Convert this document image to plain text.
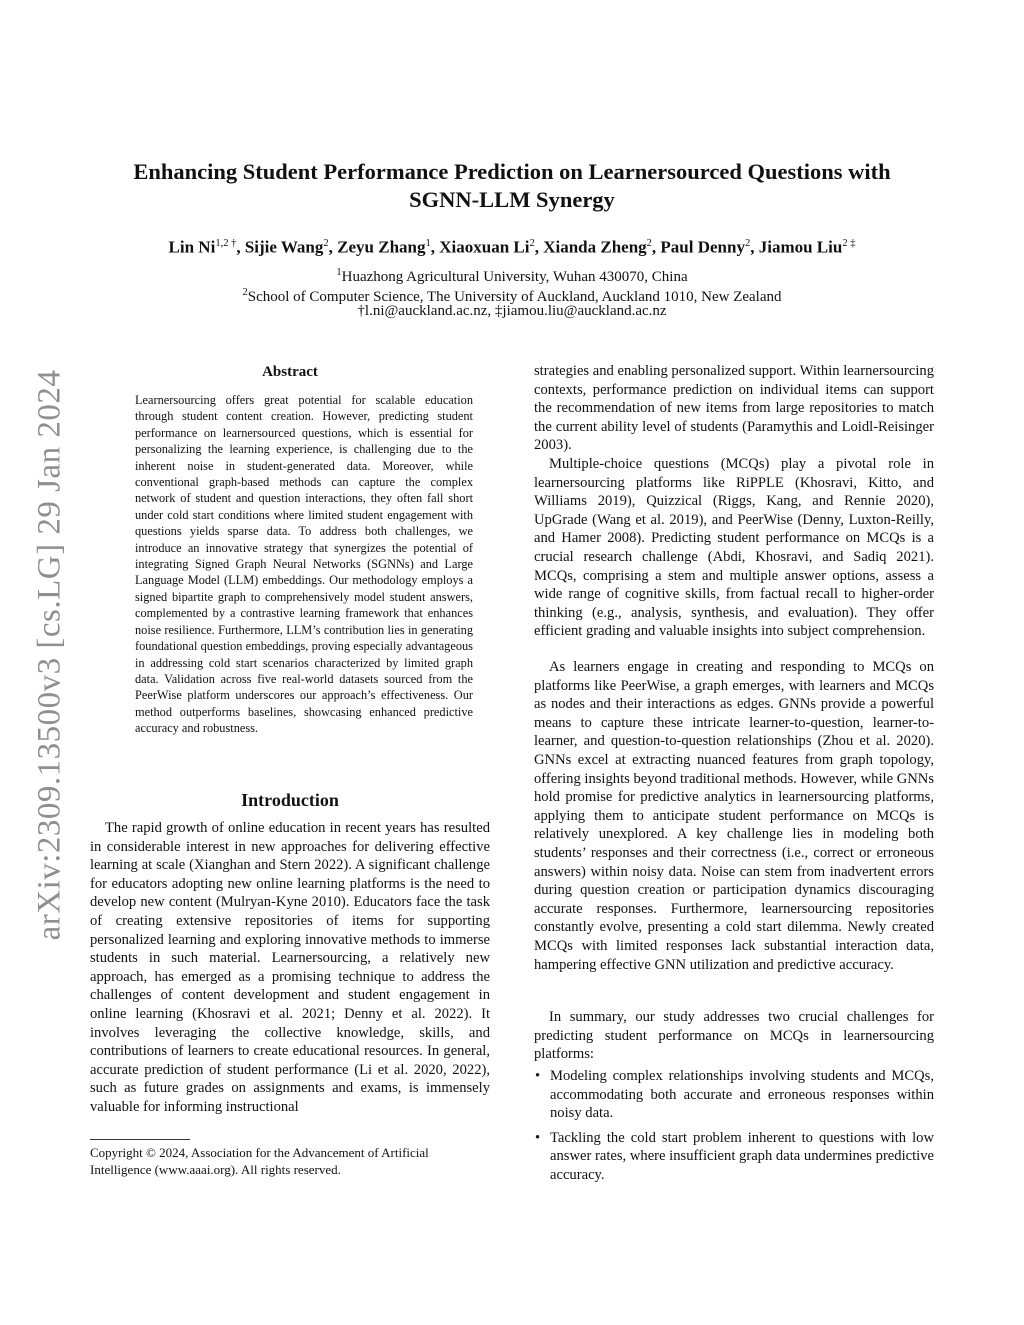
Enhancing Student Performance Prediction on Learnersourced Questions with
SGNN-LLM Synergy
Lin $Ni^{1,2 \dagger}$, Sijie Wang$^2$, Zeyu Zhang$^1$, Xiaoxuan Li$^2$, Xianda Zheng$^2$, Paul Denny$^2$, Jiamou Liu$^{2 \ddagger}$
$^1$Huazhong Agricultural University, Wuhan 430070, China
$^2$School of Computer Science, The University of Auckland, Auckland 1010, New Zealand
†l.ni@auckland.ac.nz, ‡jiamou.liu@auckland.ac.nz
arXiv:2309.13500v3 [cs.LG] 29 Jan 2024	Abstract

Learnersourcing offers great potential for scalable education through student content creation. However, predicting student performance on learnersourced questions, which is essential for personalizing the learning experience, is challenging due to the inherent noise in student-generated data. Moreover, while conventional graph-based methods can capture the complex network of student and question interactions, they often fall short under cold start conditions where limited student engagement with questions yields sparse data. To address both challenges, we introduce an innovative strategy that synergizes the potential of integrating Signed Graph Neural Networks (SGNNs) and Large Language Model (LLM) embeddings. Our methodology employs a signed bipartite graph to comprehensively model student answers, complemented by a contrastive learning framework that enhances noise resilience. Furthermore, LLM’s contribution lies in generating foundational question embeddings, proving especially advantageous in addressing cold start scenarios characterized by limited graph data. Validation across five real-world datasets sourced from the PeerWise platform underscores our approach’s effectiveness. Our method outperforms baselines, showcasing enhanced predictive accuracy and robustness.

Introduction

The rapid growth of online education in recent years has resulted in considerable interest in new approaches for delivering effective learning at scale (Xianghan and Stern 2022). A significant challenge for educators adopting new online learning platforms is the need to develop new content (Mulryan-Kyne 2010). Educators face the task of creating extensive repositories of items for supporting personalized learning and exploring innovative methods to immerse students in such material. Learnersourcing, a relatively new approach, has emerged as a promising technique to address the challenges of content development and student engagement in online learning (Khosravi et al. 2021; Denny et al. 2022). It involves leveraging the collective knowledge, skills, and contributions of learners to create educational resources. In general, accurate prediction of student performance (Li et al. 2020, 2022), such as future grades on assignments and exams, is immensely valuable for informing instructional

Copyright © 2024, Association for the Advancement of Artificial Intelligence (www.aaai.org). All rights reserved.

strategies and enabling personalized support. Within learnersourcing contexts, performance prediction on individual items can support the recommendation of new items from large repositories to match the current ability level of students (Paramythis and Loidl-Reisinger 2003).

Multiple-choice questions (MCQs) play a pivotal role in learnersourcing platforms like RiPPLE (Khosravi, Kitto, and Williams 2019), Quizzical (Riggs, Kang, and Rennie 2020), UpGrade (Wang et al. 2019), and PeerWise (Denny, Luxton-Reilly, and Hamer 2008). Predicting student performance on MCQs is a crucial research challenge (Abdi, Khosravi, and Sadiq 2021). MCQs, comprising a stem and multiple answer options, assess a wide range of cognitive skills, from factual recall to higher-order thinking (e.g., analysis, synthesis, and evaluation). They offer efficient grading and valuable insights into subject comprehension.

As learners engage in creating and responding to MCQs on platforms like PeerWise, a graph emerges, with learners and MCQs as nodes and their interactions as edges. GNNs provide a powerful means to capture these intricate learner-to-question, learner-to-learner, and question-to-question relationships (Zhou et al. 2020). GNNs excel at extracting nuanced features from graph topology, offering insights beyond traditional methods. However, while GNNs hold promise for predictive analytics in learnersourcing platforms, applying them to anticipate student performance on MCQs is relatively unexplored. A key challenge lies in modeling both students’ responses and their correctness (i.e., correct or erroneous answers) within noisy data. Noise can stem from inadvertent errors during question creation or participation dynamics discouraging accurate responses. Furthermore, learnersourcing repositories constantly evolve, presenting a cold start dilemma. Newly created MCQs with limited responses lack substantial interaction data, hampering effective GNN utilization and predictive accuracy.

In summary, our study addresses two crucial challenges for predicting student performance on MCQs in learnersourcing platforms:

• Modeling complex relationships involving students and MCQs, accommodating both accurate and erroneous responses within noisy data.
• Tackling the cold start problem inherent to questions with low answer rates, where insufficient graph data undermines predictive accuracy.
